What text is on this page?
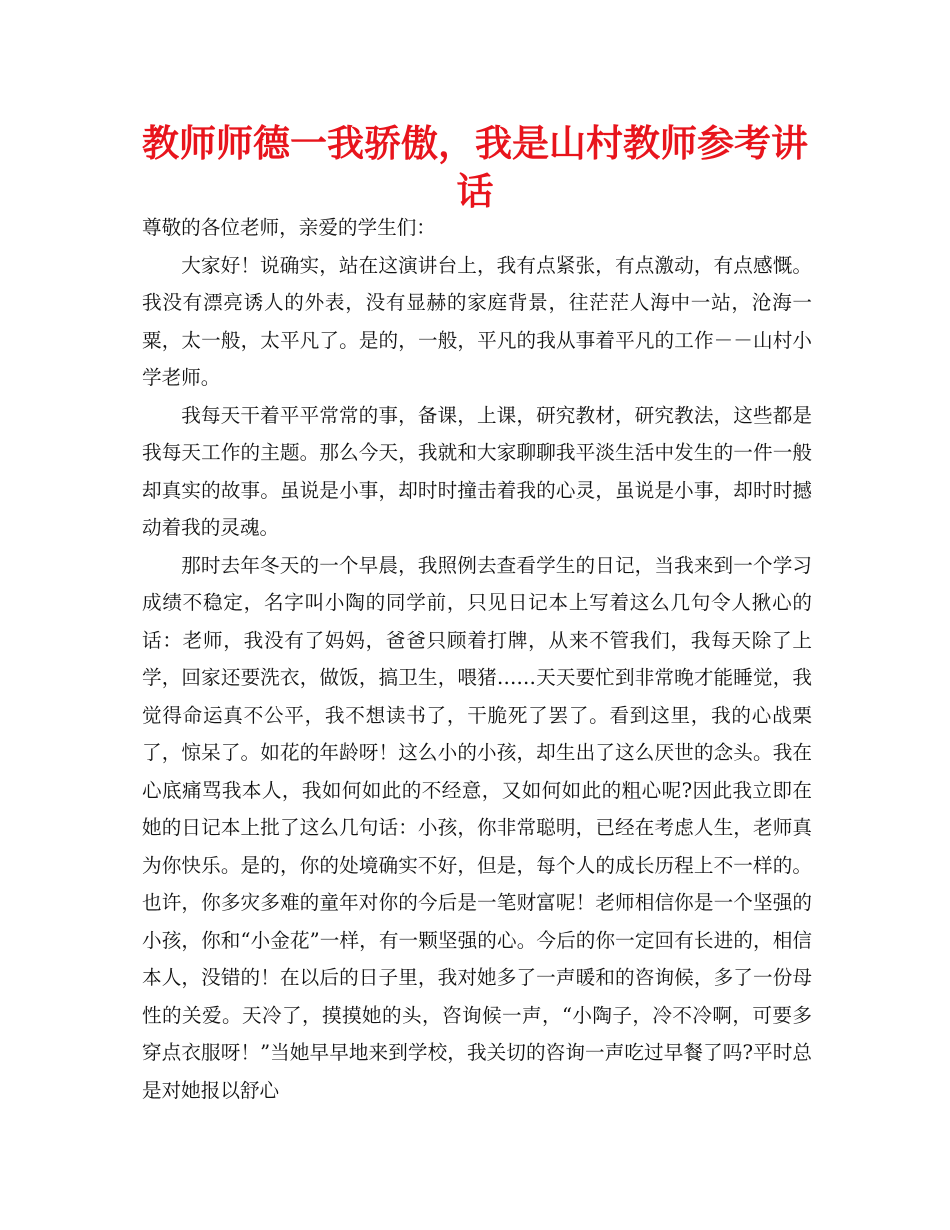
教师师德一我骄傲，我是山村教师参考讲话

尊敬的各位老师，亲爱的学生们：

大家好！说确实，站在这演讲台上，我有点紧张，有点激动，有点感慨。我没有漂亮诱人的外表，没有显赫的家庭背景，往茫茫人海中一站，沧海一粟，太一般，太平凡了。是的，一般，平凡的我从事着平凡的工作－－山村小学老师。

我每天干着平平常常的事，备课，上课，研究教材，研究教法，这些都是我每天工作的主题。那么今天，我就和大家聊聊我平淡生活中发生的一件一般却真实的故事。虽说是小事，却时时撞击着我的心灵，虽说是小事，却时时撼动着我的灵魂。

那时去年冬天的一个早晨，我照例去查看学生的日记，当我来到一个学习成绩不稳定，名字叫小陶的同学前，只见日记本上写着这么几句令人揪心的话：老师，我没有了妈妈，爸爸只顾着打牌，从来不管我们，我每天除了上学，回家还要洗衣，做饭，搞卫生，喂猪……天天要忙到非常晚才能睡觉，我觉得命运真不公平，我不想读书了，干脆死了罢了。看到这里，我的心战栗了，惊呆了。如花的年龄呀！这么小的小孩，却生出了这么厌世的念头。我在心底痛骂我本人，我如何如此的不经意，又如何如此的粗心呢?因此我立即在她的日记本上批了这么几句话：小孩，你非常聪明，已经在考虑人生，老师真为你快乐。是的，你的处境确实不好，但是，每个人的成长历程上不一样的。也许，你多灾多难的童年对你的今后是一笔财富呢！老师相信你是一个坚强的小孩，你和“小金花”一样，有一颗坚强的心。今后的你一定回有长进的，相信本人，没错的！在以后的日子里，我对她多了一声暖和的咨询候，多了一份母性的关爱。天冷了，摸摸她的头，咨询候一声，“小陶子，冷不冷啊，可要多穿点衣服呀！”当她早早地来到学校，我关切的咨询一声吃过早餐了吗?平时总是对她报以舒心
